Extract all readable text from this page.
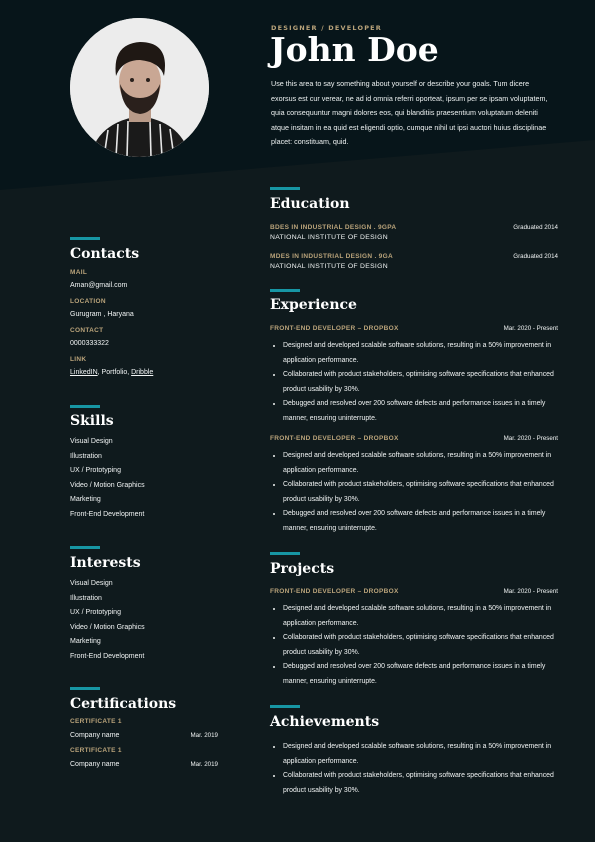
DESIGNER / DEVELOPER
John Doe
Use this area to say something about yourself or describe your goals. Tum dicere exorsus est cur verear, ne ad id omnia referri oporteat, ipsum per se ipsam voluptatem, quia consequuntur magni dolores eos, qui blanditiis praesentium voluptatum deleniti atque insitam in ea quid est eligendi optio, cumque nihil ut ipsi auctori huius disciplinae placet: constituam, quid.
Contacts
MAIL
Aman@gmail.com
LOCATION
Gurugram , Haryana
CONTACT
0000333322
LINK
LinkedIN, Portfolio, Dribble
Skills
Visual Design
Illustration
UX / Prototyping
Video / Motion Graphics
Marketing
Front-End Development
Interests
Visual Design
Illustration
UX / Prototyping
Video / Motion Graphics
Marketing
Front-End Development
Certifications
CERTIFICATE 1
Company name	Mar. 2019
CERTIFICATE 1
Company name	Mar. 2019
Education
BDES IN INDUSTRIAL DESIGN . 9GPA	Graduated 2014
NATIONAL INSTITUTE OF DESIGN
MDES IN INDUSTRIAL DESIGN . 9GA	Graduated 2014
NATIONAL INSTITUTE OF DESIGN
Experience
FRONT-END DEVELOPER – DROPBOX	Mar. 2020 - Present
• Designed and developed scalable software solutions, resulting in a 50% improvement in application performance.
• Collaborated with product stakeholders, optimising software specifications that enhanced product usability by 30%.
• Debugged and resolved over 200 software defects and performance issues in a timely manner, ensuring uninterrupte.
FRONT-END DEVELOPER – DROPBOX	Mar. 2020 - Present
• Designed and developed scalable software solutions, resulting in a 50% improvement in application performance.
• Collaborated with product stakeholders, optimising software specifications that enhanced product usability by 30%.
• Debugged and resolved over 200 software defects and performance issues in a timely manner, ensuring uninterrupte.
Projects
FRONT-END DEVELOPER – DROPBOX	Mar. 2020 - Present
• Designed and developed scalable software solutions, resulting in a 50% improvement in application performance.
• Collaborated with product stakeholders, optimising software specifications that enhanced product usability by 30%.
• Debugged and resolved over 200 software defects and performance issues in a timely manner, ensuring uninterrupte.
Achievements
• Designed and developed scalable software solutions, resulting in a 50% improvement in application performance.
• Collaborated with product stakeholders, optimising software specifications that enhanced product usability by 30%.
